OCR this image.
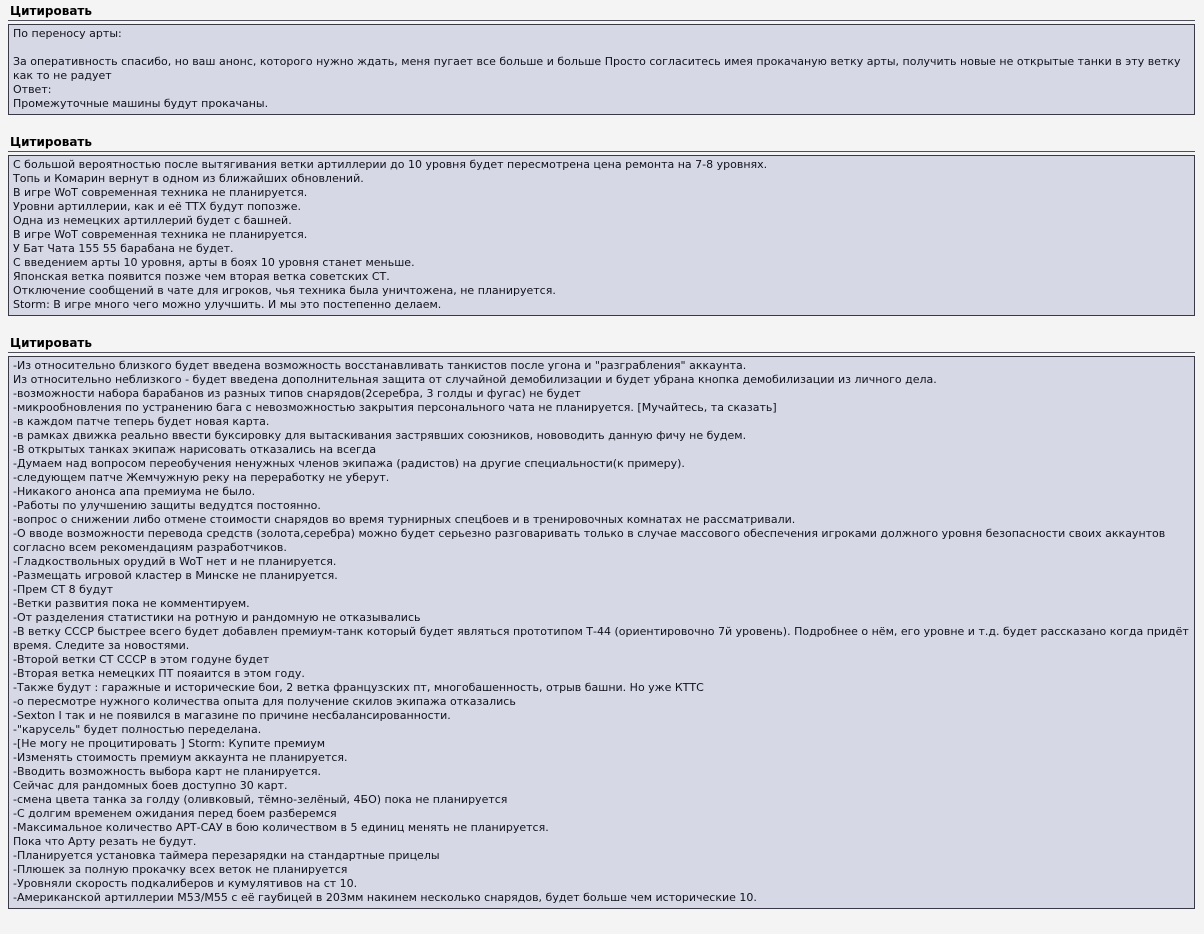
Цитировать
По переносу арты:

За оперативность спасибо, но ваш анонс, которого нужно ждать, меня пугает все больше и больше Просто согласитесь имея прокачаную ветку арты, получить новые не открытые танки в эту ветку как то не радует
Ответ:
Промежуточные машины будут прокачаны.
Цитировать
С большой вероятностью после вытягивания ветки артиллерии до 10 уровня будет пересмотрена цена ремонта на 7-8 уровнях.
Топь и Комарин вернут в одном из ближайших обновлений.
В игре WoT современная техника не планируется.
Уровни артиллерии, как и её ТТХ будут попозже.
Одна из немецких артиллерий будет с башней.
В игре WoT современная техника не планируется.
У Бат Чата 155 55 барабана не будет.
С введением арты 10 уровня, арты в боях 10 уровня станет меньше.
Японская ветка появится позже чем вторая ветка советских СТ.
Отключение сообщений в чате для игроков, чья техника была уничтожена, не планируется.
Storm: В игре много чего можно улучшить. И мы это постепенно делаем.
Цитировать
-Из относительно близкого будет введена возможность восстанавливать танкистов после угона и "разграбления" аккаунта.
Из относительно неблизкого - будет введена дополнительная защита от случайной демобилизации и будет убрана кнопка демобилизации из личного дела.
-возможности набора барабанов из разных типов снарядов(2серебра, 3 голды и фугас) не будет
-микрообновления по устранению бага с невозможностью закрытия персонального чата не планируется. [Мучайтесь, та сказать]
-в каждом патче теперь будет новая карта.
-в рамках движка реально ввести буксировку для вытаскивания застрявших союзников, нововодить данную фичу не будем.
-В открытых танках экипаж нарисовать отказались на всегда
-Думаем над вопросом переобучения ненужных членов экипажа (радистов) на другие специальности(к примеру).
-следующем патче Жемчужную реку на переработку не уберут.
-Никакого анонса апа премиума не было.
-Работы по улучшению защиты ведудтся постоянно.
-вопрос о снижении либо отмене стоимости снарядов во время турнирных спецбоев и в тренировочных комнатах не рассматривали.
-О вводе возможности перевода средств (золота,серебра) можно будет серьезно разговаривать только в случае массового обеспечения игроками должного уровня безопасности своих аккаунтов согласно всем рекомендациям разработчиков.
-Гладкоствольных орудий в WoT нет и не планируется.
-Размещать игровой кластер в Минске не планируется.
-Прем СТ 8 будут
-Ветки развития пока не комментируем.
-От разделения статистики на ротную и рандомную не отказывались
-В ветку СССР быстрее всего будет добавлен премиум-танк который будет являться прототипом Т-44 (ориентировочно 7й уровень). Подробнее о нём, его уровне и т.д. будет рассказано когда придёт время. Следите за новостями.
-Второй ветки СТ СССР в этом годуне будет
-Вторая ветка немецких ПТ пояаится в этом году.
-Также будут : гаражные и исторические бои, 2 ветка французских пт, многобашенность, отрыв башни. Но уже КТТС
-о пересмотре нужного количества опыта для получение скилов экипажа отказались
-Sexton I так и не появился в магазине по причине несбалансированности.
-"карусель" будет полностью переделана.
-[Не могу не процитировать ] Storm: Купите премиум
-Изменять стоимость премиум аккаунта не планируется.
-Вводить возможность выбора карт не планируется.
Сейчас для рандомных боев доступно 30 карт.
-смена цвета танка за голду (оливковый, тёмно-зелёный, 4БО) пока не планируется
-С долгим временем ожидания перед боем разберемся
-Максимальное количество АРТ-САУ в бою количеством в 5 единиц менять не планируется.
Пока что Арту резать не будут.
-Планируется установка таймера перезарядки на стандартные прицелы
-Плюшек за полную прокачку всех веток не планируется
-Уровняли скорость подкалиберов и кумулятивов на ст 10.
-Американской артиллерии М53/М55 с её гаубицей в 203мм накинем несколько снарядов, будет больше чем исторические 10.
